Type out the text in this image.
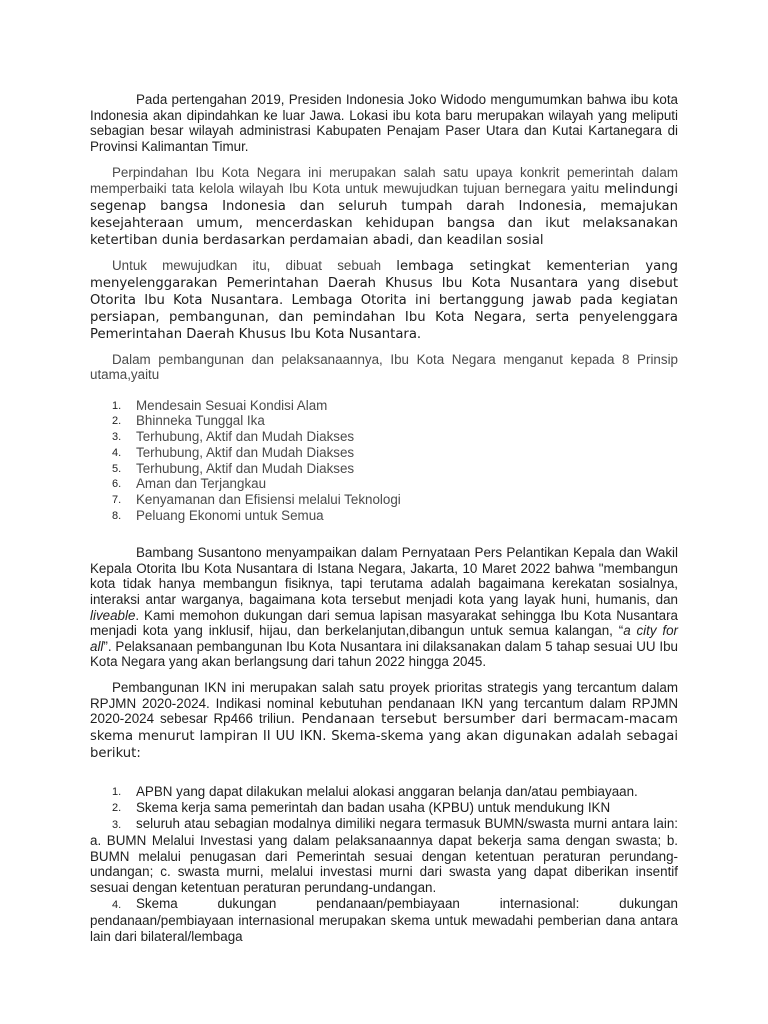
Pada pertengahan 2019, Presiden Indonesia Joko Widodo mengumumkan bahwa ibu kota Indonesia akan dipindahkan ke luar Jawa. Lokasi ibu kota baru merupakan wilayah yang meliputi sebagian besar wilayah administrasi Kabupaten Penajam Paser Utara dan Kutai Kartanegara di Provinsi Kalimantan Timur.

Perpindahan Ibu Kota Negara ini merupakan salah satu upaya konkrit pemerintah dalam memperbaiki tata kelola wilayah Ibu Kota untuk mewujudkan tujuan bernegara yaitu melindungi segenap bangsa Indonesia dan seluruh tumpah darah Indonesia, memajukan kesejahteraan umum, mencerdaskan kehidupan bangsa dan ikut melaksanakan ketertiban dunia berdasarkan perdamaian abadi, dan keadilan sosial

Untuk mewujudkan itu, dibuat sebuah lembaga setingkat kementerian yang menyelenggarakan Pemerintahan Daerah Khusus Ibu Kota Nusantara yang disebut Otorita Ibu Kota Nusantara. Lembaga Otorita ini bertanggung jawab pada kegiatan persiapan, pembangunan, dan pemindahan Ibu Kota Negara, serta penyelenggara Pemerintahan Daerah Khusus Ibu Kota Nusantara.

Dalam pembangunan dan pelaksanaannya, Ibu Kota Negara menganut kepada 8 Prinsip utama,yaitu

1. Mendesain Sesuai Kondisi Alam
2. Bhinneka Tunggal Ika
3. Terhubung, Aktif dan Mudah Diakses
4. Terhubung, Aktif dan Mudah Diakses
5. Terhubung, Aktif dan Mudah Diakses
6. Aman dan Terjangkau
7. Kenyamanan dan Efisiensi melalui Teknologi
8. Peluang Ekonomi untuk Semua

Bambang Susantono menyampaikan dalam Pernyataan Pers Pelantikan Kepala dan Wakil Kepala Otorita Ibu Kota Nusantara di Istana Negara, Jakarta, 10 Maret 2022 bahwa "membangun kota tidak hanya membangun fisiknya, tapi terutama adalah bagaimana kerekatan sosialnya, interaksi antar warganya, bagaimana kota tersebut menjadi kota yang layak huni, humanis, dan liveable. Kami memohon dukungan dari semua lapisan masyarakat sehingga Ibu Kota Nusantara menjadi kota yang inklusif, hijau, dan berkelanjutan,dibangun untuk semua kalangan, “a city for all”. Pelaksanaan pembangunan Ibu Kota Nusantara ini dilaksanakan dalam 5 tahap sesuai UU Ibu Kota Negara yang akan berlangsung dari tahun 2022 hingga 2045.

Pembangunan IKN ini merupakan salah satu proyek prioritas strategis yang tercantum dalam RPJMN 2020-2024. Indikasi nominal kebutuhan pendanaan IKN yang tercantum dalam RPJMN 2020-2024 sebesar Rp466 triliun. Pendanaan tersebut bersumber dari bermacam-macam skema menurut lampiran II UU IKN. Skema-skema yang akan digunakan adalah sebagai berikut:

1. APBN yang dapat dilakukan melalui alokasi anggaran belanja dan/atau pembiayaan.
2. Skema kerja sama pemerintah dan badan usaha (KPBU) untuk mendukung IKN
3. seluruh atau sebagian modalnya dimiliki negara termasuk BUMN/swasta murni antara lain: a. BUMN Melalui Investasi yang dalam pelaksanaannya dapat bekerja sama dengan swasta; b. BUMN melalui penugasan dari Pemerintah sesuai dengan ketentuan peraturan perundang-undangan; c. swasta murni, melalui investasi murni dari swasta yang dapat diberikan insentif sesuai dengan ketentuan peraturan perundang-undangan.
4. Skema dukungan pendanaan/pembiayaan internasional: dukungan pendanaan/pembiayaan internasional merupakan skema untuk mewadahi pemberian dana antara lain dari bilateral/lembaga
